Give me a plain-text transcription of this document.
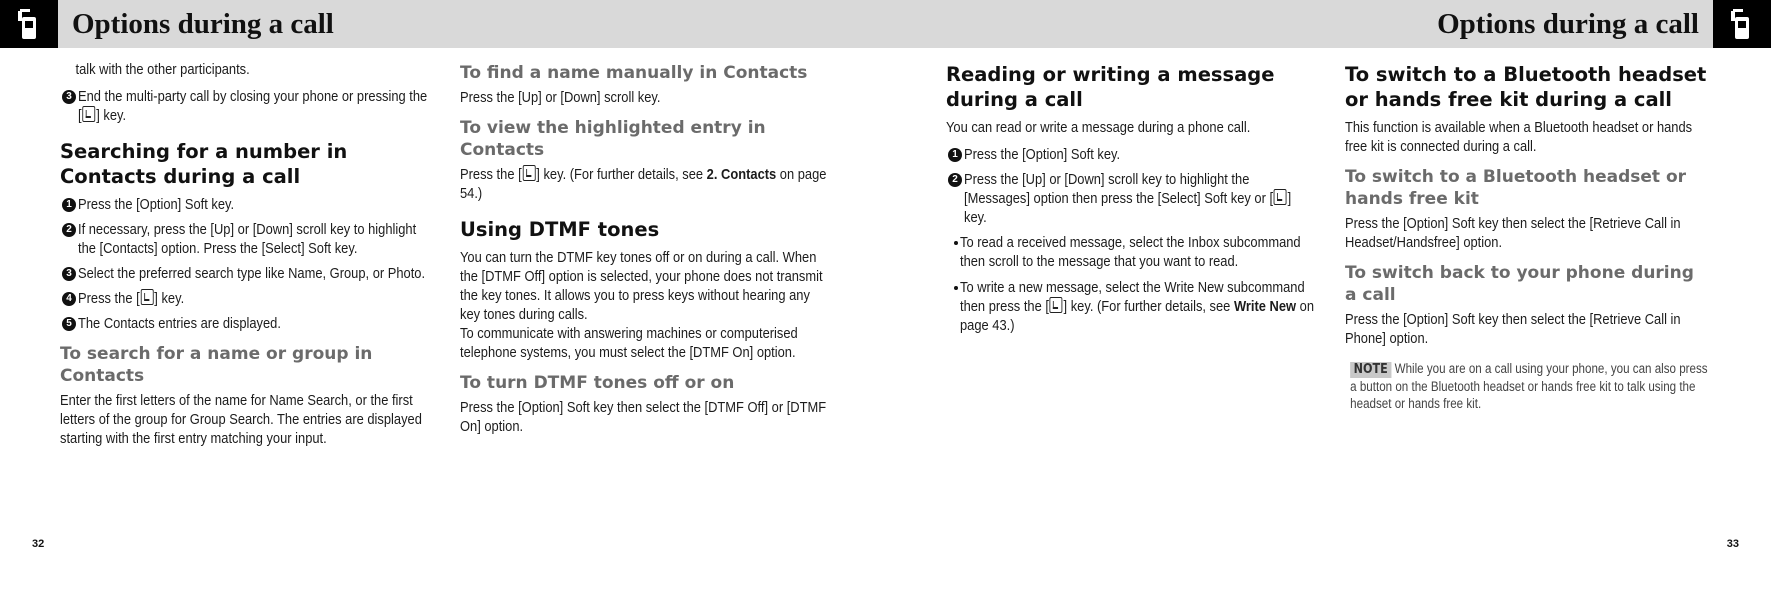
Options during a call	Options during a call
talk with the other participants.
3 End the multi-party call by closing your phone or pressing the [ ] key.
Searching for a number in Contacts during a call
1 Press the [Option] Soft key.
2 If necessary, press the [Up] or [Down] scroll key to highlight the [Contacts] option. Press the [Select] Soft key.
3 Select the preferred search type like Name, Group, or Photo.
4 Press the [ ] key.
5 The Contacts entries are displayed.
To search for a name or group in Contacts
Enter the first letters of the name for Name Search, or the first letters of the group for Group Search. The entries are displayed starting with the first entry matching your input.
To find a name manually in Contacts
Press the [Up] or [Down] scroll key.
To view the highlighted entry in Contacts
Press the [ ] key. (For further details, see 2. Contacts on page 54.)
Using DTMF tones
You can turn the DTMF key tones off or on during a call. When the [DTMF Off] option is selected, your phone does not transmit the key tones. It allows you to press keys without hearing any key tones during calls.
To communicate with answering machines or computerised telephone systems, you must select the [DTMF On] option.
To turn DTMF tones off or on
Press the [Option] Soft key then select the [DTMF Off] or [DTMF On] option.
Reading or writing a message during a call
You can read or write a message during a phone call.
1 Press the [Option] Soft key.
2 Press the [Up] or [Down] scroll key to highlight the [Messages] option then press the [Select] Soft key or [ ] key.
To read a received message, select the Inbox subcommand then scroll to the message that you want to read.
To write a new message, select the Write New subcommand then press the [ ] key. (For further details, see Write New on page 43.)
To switch to a Bluetooth headset or hands free kit during a call
This function is available when a Bluetooth headset or hands free kit is connected during a call.
To switch to a Bluetooth headset or hands free kit
Press the [Option] Soft key then select the [Retrieve Call in Headset/Handsfree] option.
To switch back to your phone during a call
Press the [Option] Soft key then select the [Retrieve Call in Phone] option.
NOTE While you are on a call using your phone, you can also press a button on the Bluetooth headset or hands free kit to talk using the headset or hands free kit.
32	33
